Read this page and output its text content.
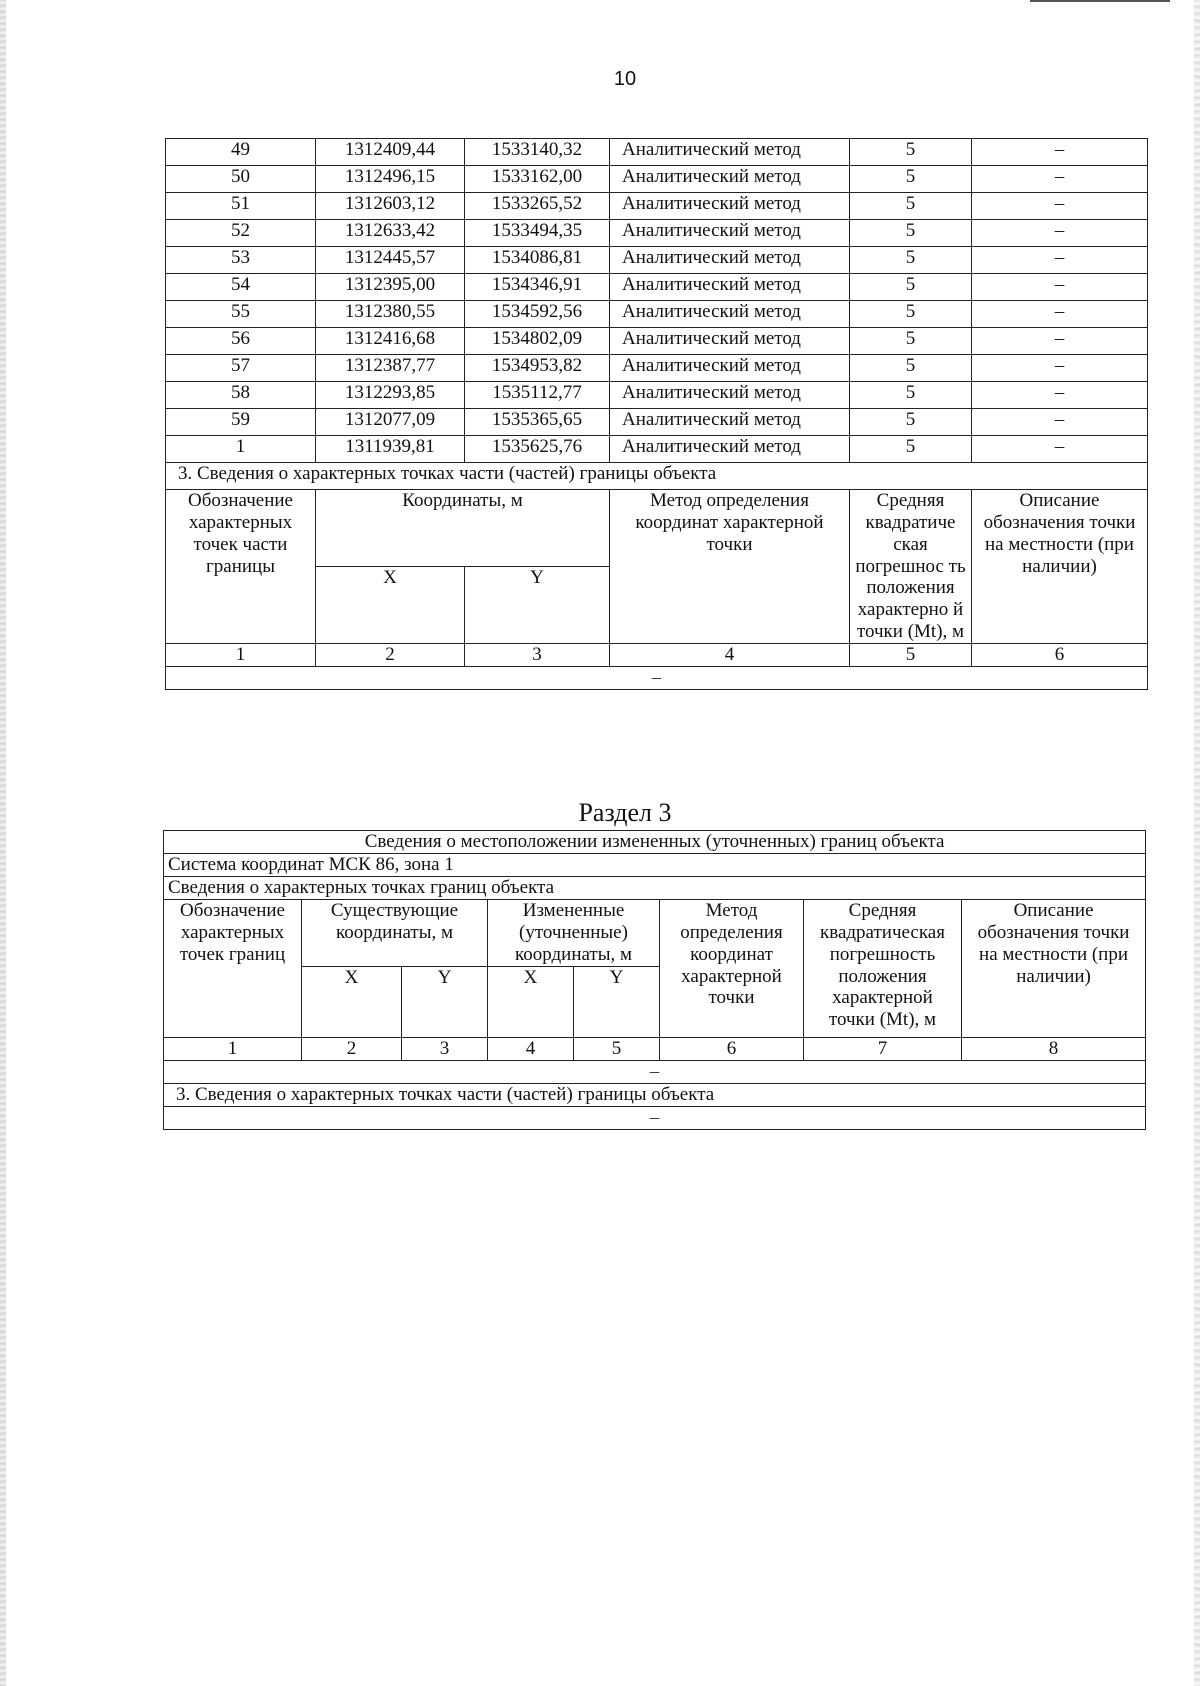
10
49	1312409,44	1533140,32	Аналитический метод	5	–
50	1312496,15	1533162,00	Аналитический метод	5	–
51	1312603,12	1533265,52	Аналитический метод	5	–
52	1312633,42	1533494,35	Аналитический метод	5	–
53	1312445,57	1534086,81	Аналитический метод	5	–
54	1312395,00	1534346,91	Аналитический метод	5	–
55	1312380,55	1534592,56	Аналитический метод	5	–
56	1312416,68	1534802,09	Аналитический метод	5	–
57	1312387,77	1534953,82	Аналитический метод	5	–
58	1312293,85	1535112,77	Аналитический метод	5	–
59	1312077,09	1535365,65	Аналитический метод	5	–
1	1311939,81	1535625,76	Аналитический метод	5	–
3. Сведения о характерных точках части (частей) границы объекта					
Обозначение характерных точек части границы	Координаты, м		Метод определения координат характерной точки	Средняя квадратиче ская погрешнос ть положения характерно й точки (Mt), м	Описание обозначения точки на местности (при наличии)
	X	Y			
1	2	3	4	5	6
–					
Раздел 3
Сведения о местоположении измененных (уточненных) границ объекта							
Система координат МСК 86, зона 1							
Сведения о характерных точках границ объекта							
Обозначение характерных точек границ	Существующие координаты, м		Измененные (уточненные) координаты, м		Метод определения координат характерной точки	Средняя квадратическая погрешность положения характерной точки (Mt), м	Описание обозначения точки на местности (при наличии)
	X	Y	X	Y			
1	2	3	4	5	6	7	8
–							
3. Сведения о характерных точках части (частей) границы объекта							
–							
